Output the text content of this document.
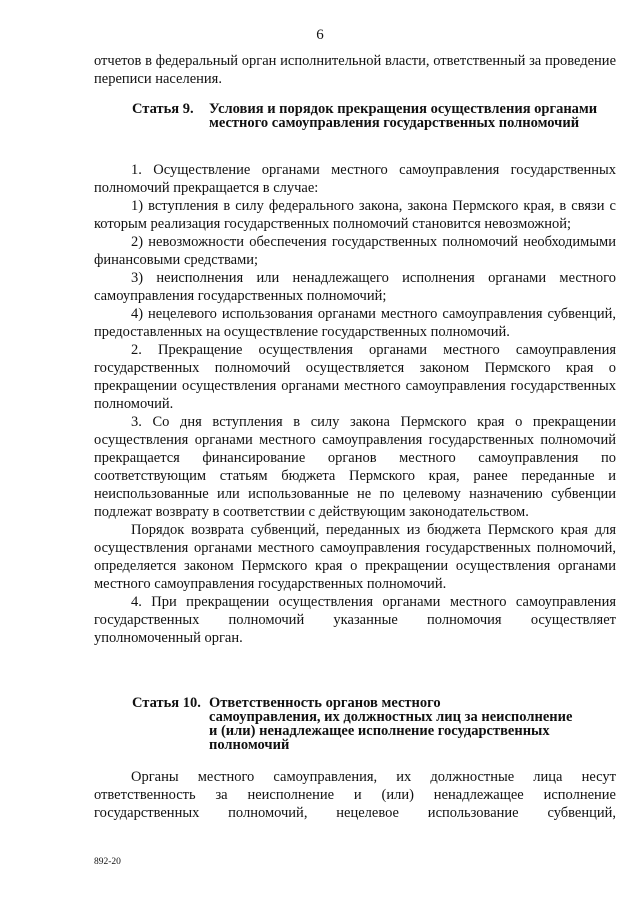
6

отчетов в федеральный орган исполнительной власти, ответственный за проведение переписи населения.

Статья 9. Условия и порядок прекращения осуществления органами местного самоуправления государственных полномочий

1. Осуществление органами местного самоуправления государственных полномочий прекращается в случае:

1) вступления в силу федерального закона, закона Пермского края, в связи с которым реализация государственных полномочий становится невозможной;

2) невозможности обеспечения государственных полномочий необходимыми финансовыми средствами;

3) неисполнения или ненадлежащего исполнения органами местного самоуправления государственных полномочий;

4) нецелевого использования органами местного самоуправления субвенций, предоставленных на осуществление государственных полномочий.

2. Прекращение осуществления органами местного самоуправления государственных полномочий осуществляется законом Пермского края о прекращении осуществления органами местного самоуправления государственных полномочий.

3. Со дня вступления в силу закона Пермского края о прекращении осуществления органами местного самоуправления государственных полномочий прекращается финансирование органов местного самоуправления по соответствующим статьям бюджета Пермского края, ранее переданные и неиспользованные или использованные не по целевому назначению субвенции подлежат возврату в соответствии с действующим законодательством.

Порядок возврата субвенций, переданных из бюджета Пермского края для осуществления органами местного самоуправления государственных полномочий, определяется законом Пермского края о прекращении осуществления органами местного самоуправления государственных полномочий.

4. При прекращении осуществления органами местного самоуправления государственных полномочий указанные полномочия осуществляет уполномоченный орган.

Статья 10. Ответственность органов местного
самоуправления, их должностных лиц за неисполнение
и (или) ненадлежащее исполнение государственных
полномочий

Органы местного самоуправления, их должностные лица несут ответственность за неисполнение и (или) ненадлежащее исполнение государственных полномочий, нецелевое использование субвенций,

892-20
